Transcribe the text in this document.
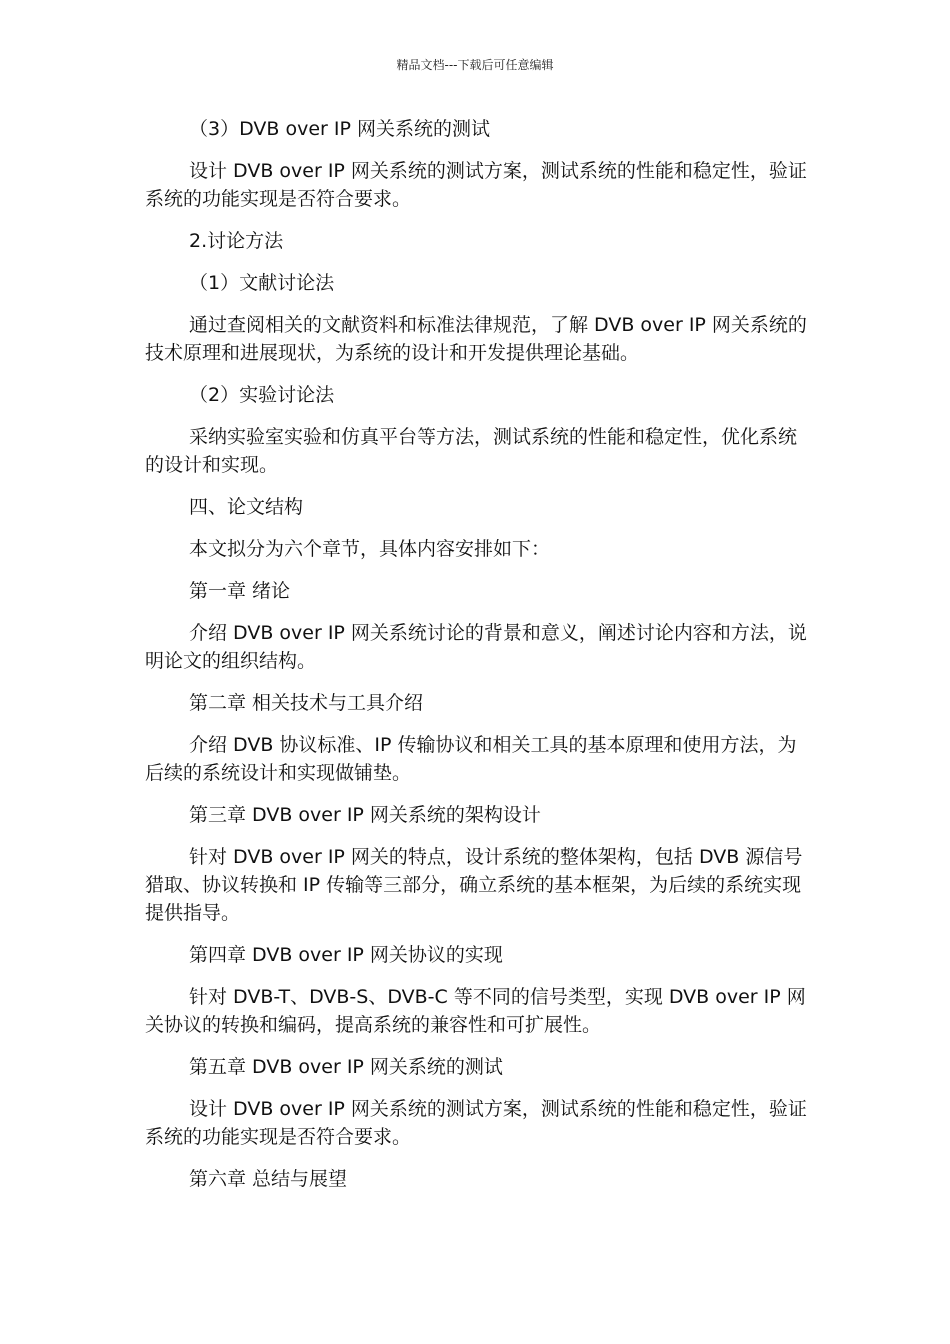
精品文档---下载后可任意编辑

（3）DVB over IP 网关系统的测试

设计 DVB over IP 网关系统的测试方案，测试系统的性能和稳定性，验证系统的功能实现是否符合要求。

2.讨论方法

（1）文献讨论法

通过查阅相关的文献资料和标准法律规范，了解 DVB over IP 网关系统的技术原理和进展现状，为系统的设计和开发提供理论基础。

（2）实验讨论法

采纳实验室实验和仿真平台等方法，测试系统的性能和稳定性，优化系统的设计和实现。

四、论文结构

本文拟分为六个章节，具体内容安排如下：

第一章 绪论

介绍 DVB over IP 网关系统讨论的背景和意义，阐述讨论内容和方法，说明论文的组织结构。

第二章 相关技术与工具介绍

介绍 DVB 协议标准、IP 传输协议和相关工具的基本原理和使用方法，为后续的系统设计和实现做铺垫。

第三章 DVB over IP 网关系统的架构设计

针对 DVB over IP 网关的特点，设计系统的整体架构，包括 DVB 源信号猎取、协议转换和 IP 传输等三部分，确立系统的基本框架，为后续的系统实现提供指导。

第四章 DVB over IP 网关协议的实现

针对 DVB-T、DVB-S、DVB-C 等不同的信号类型，实现 DVB over IP 网关协议的转换和编码，提高系统的兼容性和可扩展性。

第五章 DVB over IP 网关系统的测试

设计 DVB over IP 网关系统的测试方案，测试系统的性能和稳定性，验证系统的功能实现是否符合要求。

第六章 总结与展望
